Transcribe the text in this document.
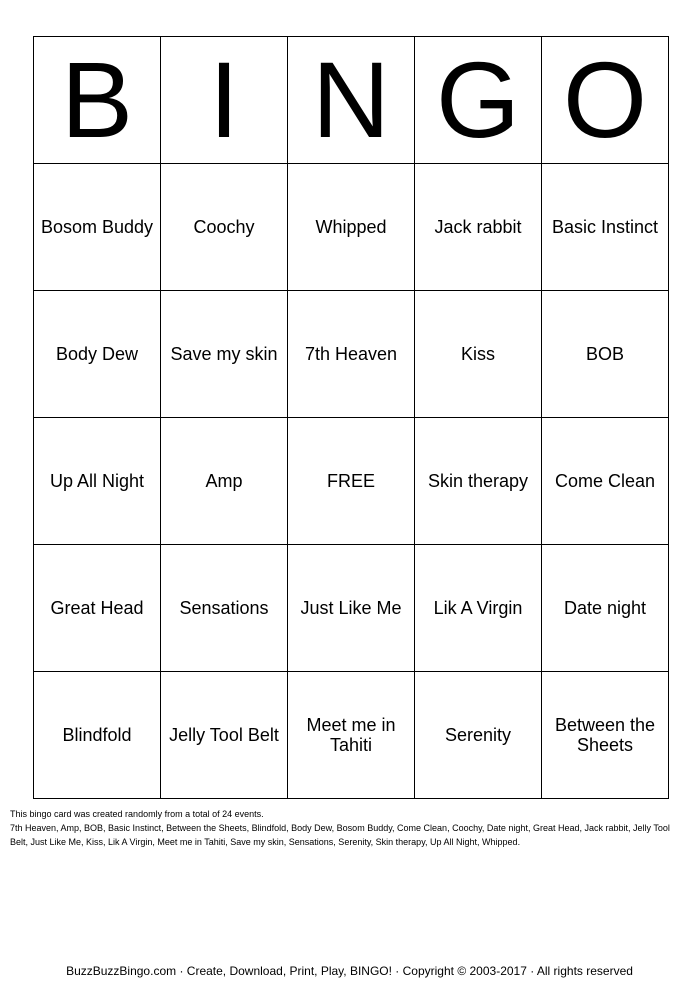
B	I	N	G	O
Bosom Buddy	Coochy	Whipped	Jack rabbit	Basic Instinct
Body Dew	Save my skin	7th Heaven	Kiss	BOB
Up All Night	Amp	FREE	Skin therapy	Come Clean
Great Head	Sensations	Just Like Me	Lik A Virgin	Date night
Blindfold	Jelly Tool Belt	Meet me in Tahiti	Serenity	Between the Sheets
This bingo card was created randomly from a total of 24 events.
7th Heaven, Amp, BOB, Basic Instinct, Between the Sheets, Blindfold, Body Dew, Bosom Buddy, Come Clean, Coochy, Date night, Great Head, Jack rabbit, Jelly Tool Belt, Just Like Me, Kiss, Lik A Virgin, Meet me in Tahiti, Save my skin, Sensations, Serenity, Skin therapy, Up All Night, Whipped.
BuzzBuzzBingo.com · Create, Download, Print, Play, BINGO! · Copyright © 2003-2017 · All rights reserved
